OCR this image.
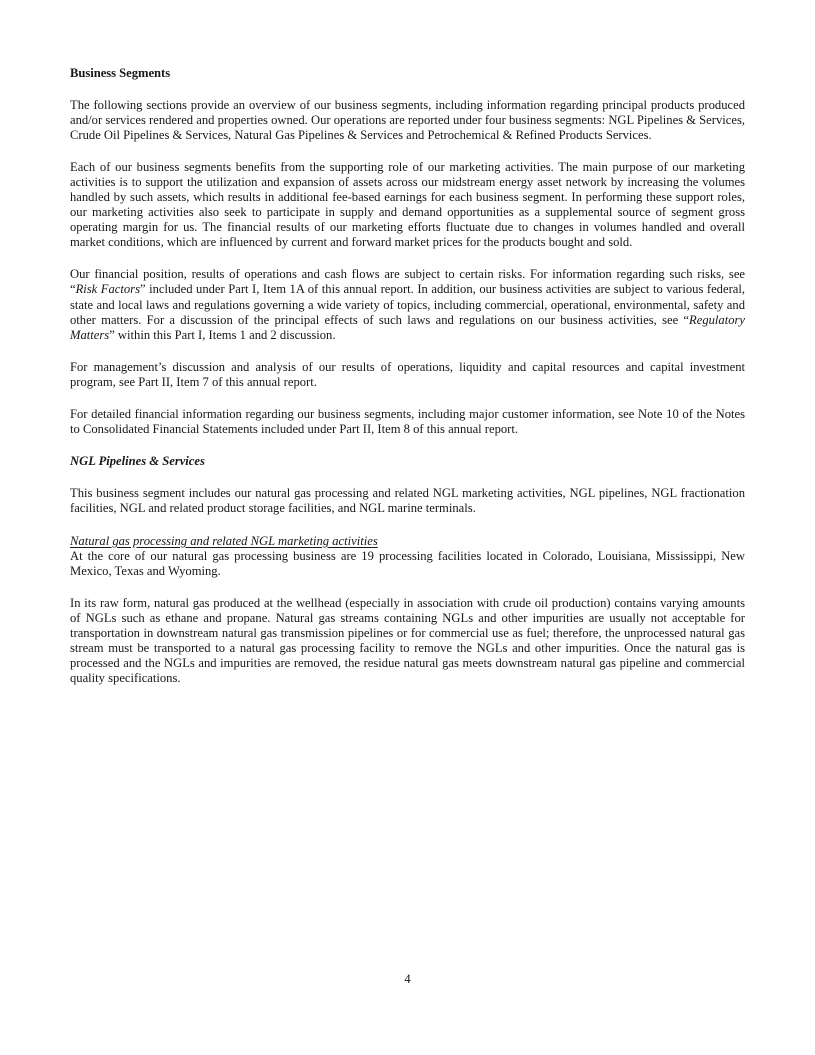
Business Segments

The following sections provide an overview of our business segments, including information regarding principal products produced and/or services rendered and properties owned. Our operations are reported under four business segments: NGL Pipelines & Services, Crude Oil Pipelines & Services, Natural Gas Pipelines & Services and Petrochemical & Refined Products Services.

Each of our business segments benefits from the supporting role of our marketing activities. The main purpose of our marketing activities is to support the utilization and expansion of assets across our midstream energy asset network by increasing the volumes handled by such assets, which results in additional fee-based earnings for each business segment. In performing these support roles, our marketing activities also seek to participate in supply and demand opportunities as a supplemental source of segment gross operating margin for us. The financial results of our marketing efforts fluctuate due to changes in volumes handled and overall market conditions, which are influenced by current and forward market prices for the products bought and sold.

Our financial position, results of operations and cash flows are subject to certain risks. For information regarding such risks, see “Risk Factors” included under Part I, Item 1A of this annual report. In addition, our business activities are subject to various federal, state and local laws and regulations governing a wide variety of topics, including commercial, operational, environmental, safety and other matters. For a discussion of the principal effects of such laws and regulations on our business activities, see “Regulatory Matters” within this Part I, Items 1 and 2 discussion.

For management’s discussion and analysis of our results of operations, liquidity and capital resources and capital investment program, see Part II, Item 7 of this annual report.

For detailed financial information regarding our business segments, including major customer information, see Note 10 of the Notes to Consolidated Financial Statements included under Part II, Item 8 of this annual report.

NGL Pipelines & Services

This business segment includes our natural gas processing and related NGL marketing activities, NGL pipelines, NGL fractionation facilities, NGL and related product storage facilities, and NGL marine terminals.

Natural gas processing and related NGL marketing activities

At the core of our natural gas processing business are 19 processing facilities located in Colorado, Louisiana, Mississippi, New Mexico, Texas and Wyoming.

In its raw form, natural gas produced at the wellhead (especially in association with crude oil production) contains varying amounts of NGLs such as ethane and propane. Natural gas streams containing NGLs and other impurities are usually not acceptable for transportation in downstream natural gas transmission pipelines or for commercial use as fuel; therefore, the unprocessed natural gas stream must be transported to a natural gas processing facility to remove the NGLs and other impurities. Once the natural gas is processed and the NGLs and impurities are removed, the residue natural gas meets downstream natural gas pipeline and commercial quality specifications.

4
